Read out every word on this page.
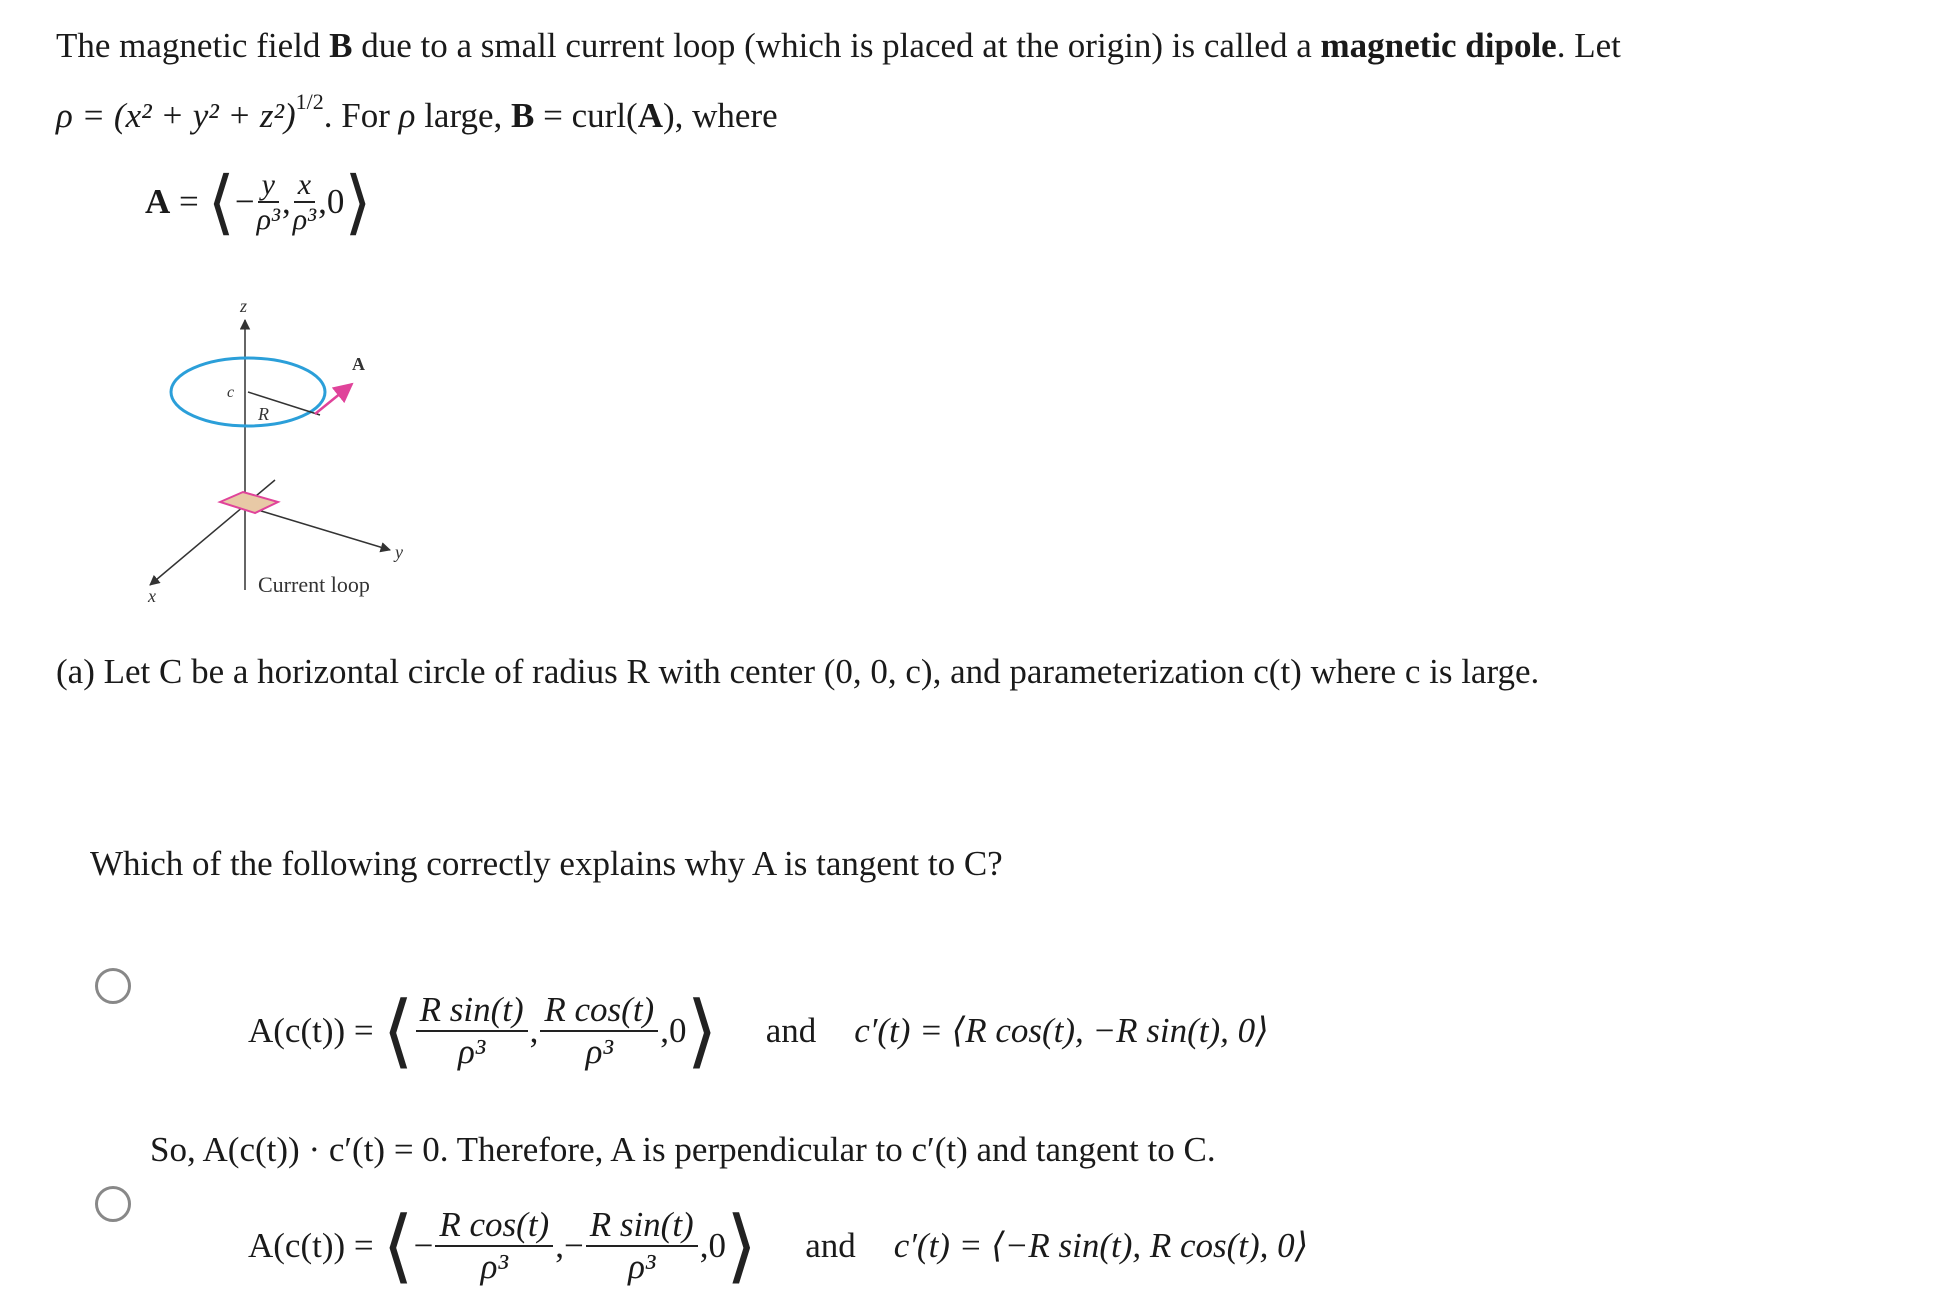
The magnetic field B due to a small current loop (which is placed at the origin) is called a magnetic dipole. Let
$\rho = (x^2 + y^2 + z^2)^{1/2}$. For ρ large, B = curl(A), where
A = ⟨ − $\frac{y}{\text{ρ³}}$ , $\frac{x}{\text{ρ³}}$ , 0 ⟩
z
c
R
A
x
y
Current loop
(a) Let C be a horizontal circle of radius R with center (0, 0, c), and parameterization c(t) where c is large.
Which of the following correctly explains why A is tangent to C?
A(c(t)) = ⟨ $\frac{\text{R sin(t)}}{\text{ρ³}}$ , $\frac{\text{R cos(t)}}{\text{ρ³}}$ , 0 ⟩ and c′(t) = ⟨R cos(t), −R sin(t), 0⟩
So, A(c(t)) · c′(t) = 0. Therefore, A is perpendicular to c′(t) and tangent to C.
A(c(t)) = ⟨ − $\frac{\text{R cos(t)}}{\text{ρ³}}$ , − $\frac{\text{R sin(t)}}{\text{ρ³}}$ , 0 ⟩ and c′(t) = ⟨−R sin(t), R cos(t), 0⟩
